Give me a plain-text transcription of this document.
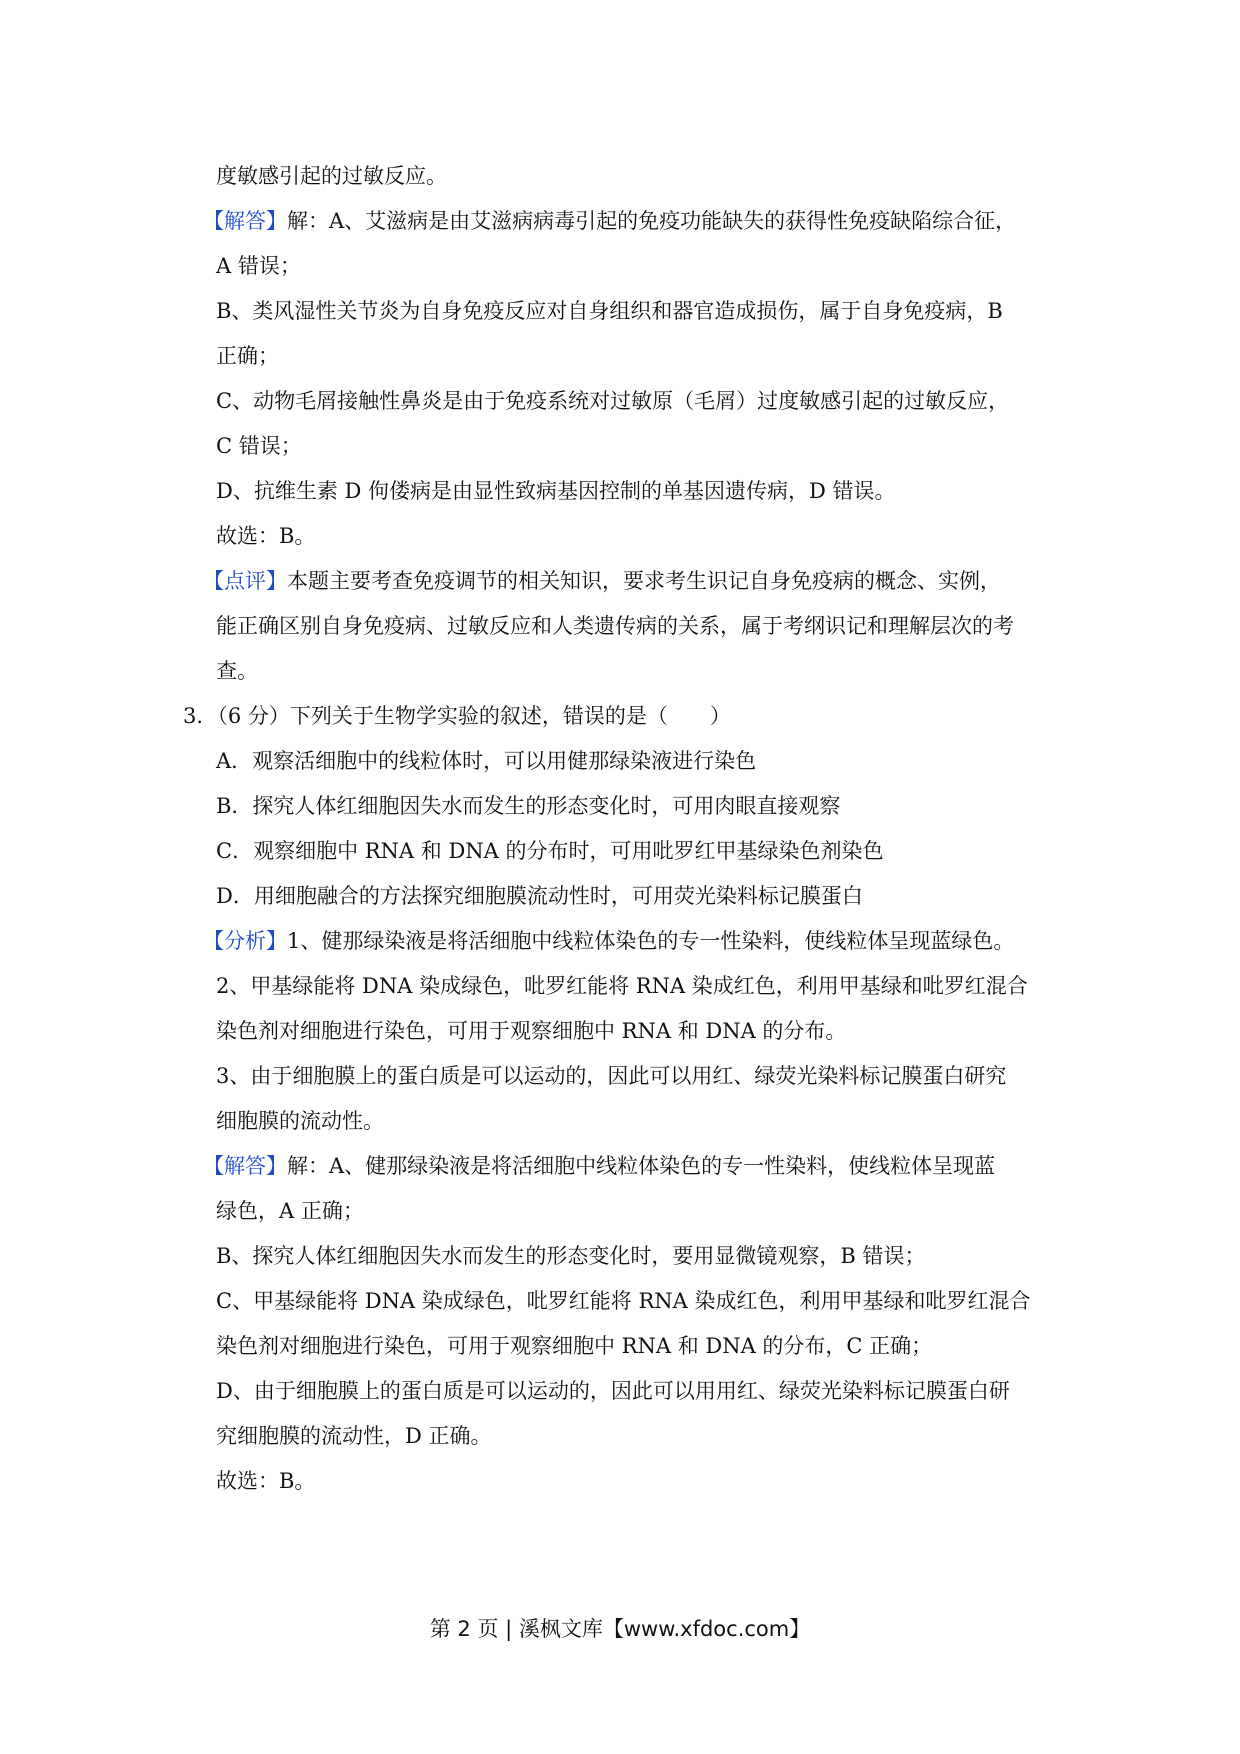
度敏感引起的过敏反应。
【解答】解：A、艾滋病是由艾滋病病毒引起的免疫功能缺失的获得性免疫缺陷综合征，
A 错误；
B、类风湿性关节炎为自身免疫反应对自身组织和器官造成损伤，属于自身免疫病，B
正确；
C、动物毛屑接触性鼻炎是由于免疫系统对过敏原（毛屑）过度敏感引起的过敏反应，
C 错误；
D、抗维生素 D 佝偻病是由显性致病基因控制的单基因遗传病，D 错误。
故选：B。
【点评】本题主要考查免疫调节的相关知识，要求考生识记自身免疫病的概念、实例，
能正确区别自身免疫病、过敏反应和人类遗传病的关系，属于考纲识记和理解层次的考
查。
3．（6 分）下列关于生物学实验的叙述，错误的是（　　）
A．观察活细胞中的线粒体时，可以用健那绿染液进行染色
B．探究人体红细胞因失水而发生的形态变化时，可用肉眼直接观察
C．观察细胞中 RNA 和 DNA 的分布时，可用吡罗红甲基绿染色剂染色
D．用细胞融合的方法探究细胞膜流动性时，可用荧光染料标记膜蛋白
【分析】1、健那绿染液是将活细胞中线粒体染色的专一性染料，使线粒体呈现蓝绿色。
2、甲基绿能将 DNA 染成绿色，吡罗红能将 RNA 染成红色，利用甲基绿和吡罗红混合
染色剂对细胞进行染色，可用于观察细胞中 RNA 和 DNA 的分布。
3、由于细胞膜上的蛋白质是可以运动的，因此可以用红、绿荧光染料标记膜蛋白研究
细胞膜的流动性。
【解答】解：A、健那绿染液是将活细胞中线粒体染色的专一性染料，使线粒体呈现蓝
绿色，A 正确；
B、探究人体红细胞因失水而发生的形态变化时，要用显微镜观察，B 错误；
C、甲基绿能将 DNA 染成绿色，吡罗红能将 RNA 染成红色，利用甲基绿和吡罗红混合
染色剂对细胞进行染色，可用于观察细胞中 RNA 和 DNA 的分布，C 正确；
D、由于细胞膜上的蛋白质是可以运动的，因此可以用用红、绿荧光染料标记膜蛋白研
究细胞膜的流动性，D 正确。
故选：B。
第 2 页 | 溪枫文库【www.xfdoc.com】
